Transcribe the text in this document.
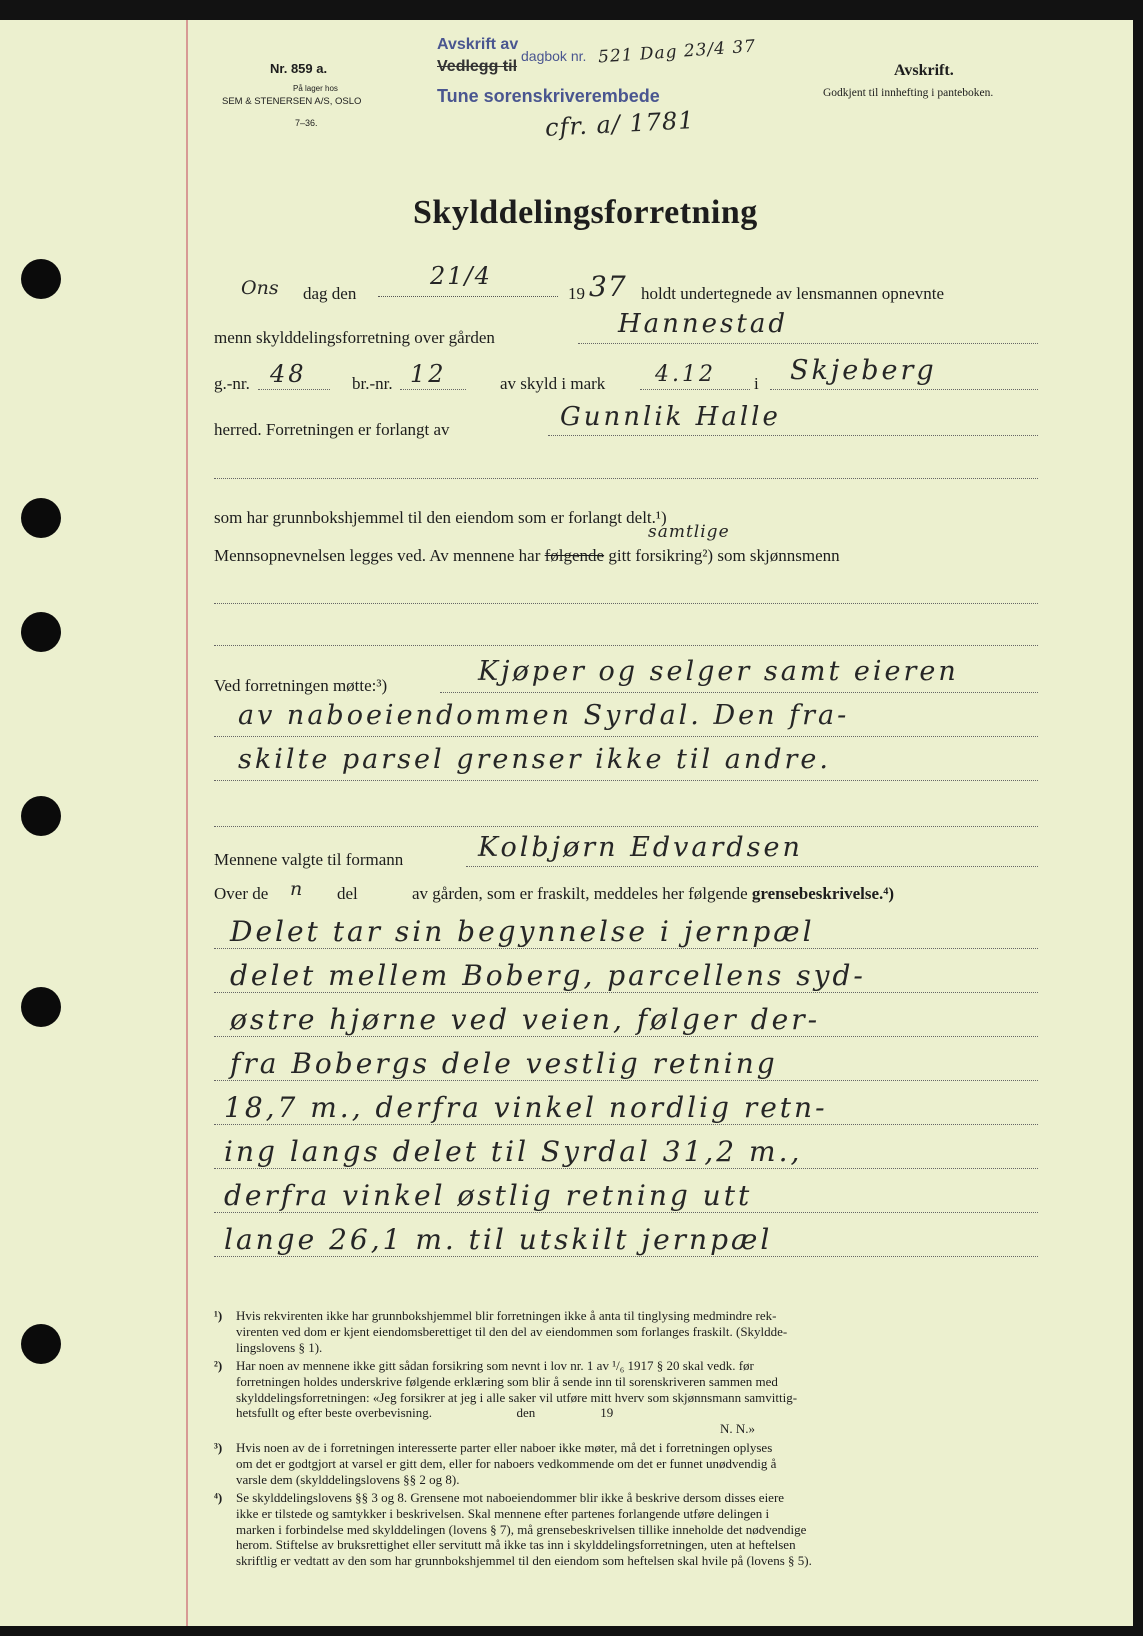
Nr. 859 a.
På lager hos
SEM & STENERSEN A/S, OSLO
7–36.
Avskrift av
Vedlegg til
dagbok nr. 521 Dag 23/4 37
Tune sorenskriverembede
cfr. a/ 1781
Avskrift.
Godkjent til innhefting i panteboken.
Skylddelingsforretning
Ons dag den
21/4
19 37 holdt undertegnede av lensmannen opnevnte
menn skylddelingsforretning over gården	Hannestad
g.-nr. 48	br.-nr. 12	av skyld i mark 4.12 i Skjeberg
herred. Forretningen er forlangt av	Gunnlik Halle
som har grunnbokshjemmel til den eiendom som er forlangt delt.¹)
Mennsopnevnelsen legges ved. Av mennene har følgende gitt forsikring²) som skjønnsmenn
samtlige
Ved forretningen møtte:³)	Kjøper og selger samt eieren
av naboeiendommen Syrdal. Den fra-
skilte parsel grenser ikke til andre.
Mennene valgte til formann	Kolbjørn Edvardsen
Over de n del	av gården, som er fraskilt, meddeles her følgende grensebeskrivelse.⁴)
Delet tar sin begynnelse i jernpæl
delet mellem Boberg, parcellens syd-
østre hjørne ved veien, følger der-
fra Bobergs dele vestlig retning
18,7 m., derfra vinkel nordlig retn-
ing langs delet til Syrdal 31,2 m.,
derfra vinkel østlig retning utt
lange 26,1 m. til utskilt jernpæl
¹) Hvis rekvirenten ikke har grunnbokshjemmel blir forretningen ikke å anta til tinglysing medmindre rek-
virenten ved dom er kjent eiendomsberettiget til den del av eiendommen som forlanges fraskilt. (Skyldde-
lingslovens § 1).
²) Har noen av mennene ikke gitt sådan forsikring som nevnt i lov nr. 1 av ¹/₆ 1917 § 20 skal vedk. før
forretningen holdes underskrive følgende erklæring som blir å sende inn til sorenskriveren sammen med
skylddelingsforretningen: «Jeg forsikrer at jeg i alle saker vil utføre mitt hverv som skjønnsmann samvittig-
hetsfullt og efter beste overbevisning.                          den                    19
N. N.»
³) Hvis noen av de i forretningen interesserte parter eller naboer ikke møter, må det i forretningen oplyses
om det er godtgjort at varsel er gitt dem, eller for naboers vedkommende om det er funnet unødvendig å
varsle dem (skylddelingslovens §§ 2 og 8).
⁴) Se skylddelingslovens §§ 3 og 8. Grensene mot naboeiendommer blir ikke å beskrive dersom disses eiere
ikke er tilstede og samtykker i beskrivelsen. Skal mennene efter partenes forlangende utføre delingen i
marken i forbindelse med skylddelingen (lovens § 7), må grensebeskrivelsen tillike inneholde det nødvendige
herom. Stiftelse av bruksrettighet eller servitutt må ikke tas inn i skylddelingsforretningen, uten at heftelsen
skriftlig er vedtatt av den som har grunnbokshjemmel til den eiendom som heftelsen skal hvile på (lovens § 5).
